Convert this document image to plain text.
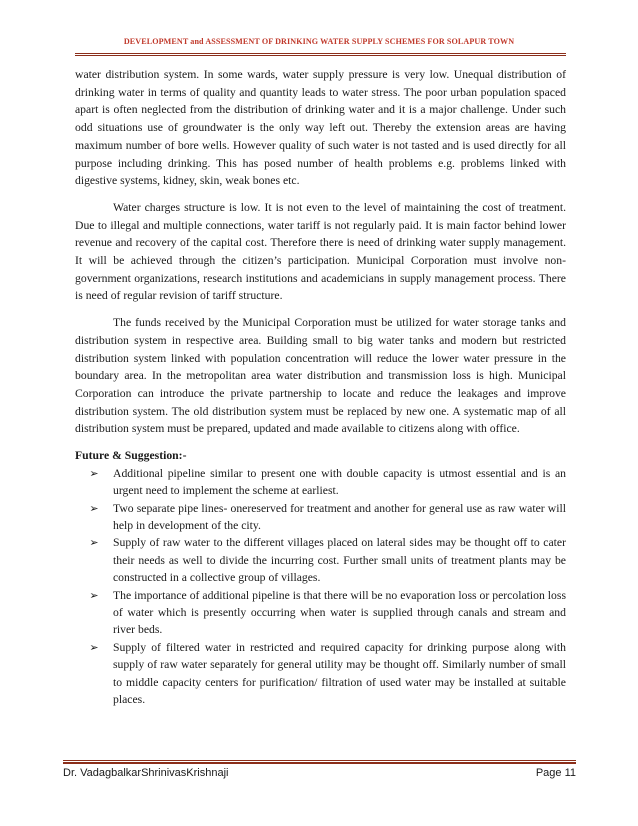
DEVELOPMENT and ASSESSMENT OF DRINKING WATER SUPPLY SCHEMES FOR SOLAPUR TOWN

water distribution system. In some wards, water supply pressure is very low. Unequal distribution of drinking water in terms of quality and quantity leads to water stress. The poor urban population spaced apart is often neglected from the distribution of drinking water and it is a major challenge. Under such odd situations use of groundwater is the only way left out. Thereby the extension areas are having maximum number of bore wells. However quality of such water is not tasted and is used directly for all purpose including drinking. This has posed number of health problems e.g. problems linked with digestive systems, kidney, skin, weak bones etc.

Water charges structure is low. It is not even to the level of maintaining the cost of treatment. Due to illegal and multiple connections, water tariff is not regularly paid. It is main factor behind lower revenue and recovery of the capital cost. Therefore there is need of drinking water supply management. It will be achieved through the citizen’s participation. Municipal Corporation must involve non-government organizations, research institutions and academicians in supply management process. There is need of regular revision of tariff structure.

The funds received by the Municipal Corporation must be utilized for water storage tanks and distribution system in respective area. Building small to big water tanks and modern but restricted distribution system linked with population concentration will reduce the lower water pressure in the boundary area. In the metropolitan area water distribution and transmission loss is high. Municipal Corporation can introduce the private partnership to locate and reduce the leakages and improve distribution system. The old distribution system must be replaced by new one. A systematic map of all distribution system must be prepared, updated and made available to citizens along with office.

Future & Suggestion:-

➢ Additional pipeline similar to present one with double capacity is utmost essential and is an urgent need to implement the scheme at earliest.
➢ Two separate pipe lines- onereserved for treatment and another for general use as raw water will help in development of the city.
➢ Supply of raw water to the different villages placed on lateral sides may be thought off to cater their needs as well to divide the incurring cost. Further small units of treatment plants may be constructed in a collective group of villages.
➢ The importance of additional pipeline is that there will be no evaporation loss or percolation loss of water which is presently occurring when water is supplied through canals and stream and river beds.
➢ Supply of filtered water in restricted and required capacity for drinking purpose along with supply of raw water separately for general utility may be thought off. Similarly number of small to middle capacity centers for purification/ filtration of used water may be installed at suitable places.
Dr. VadagbalkarShrinivasKrishnaji	Page 11
